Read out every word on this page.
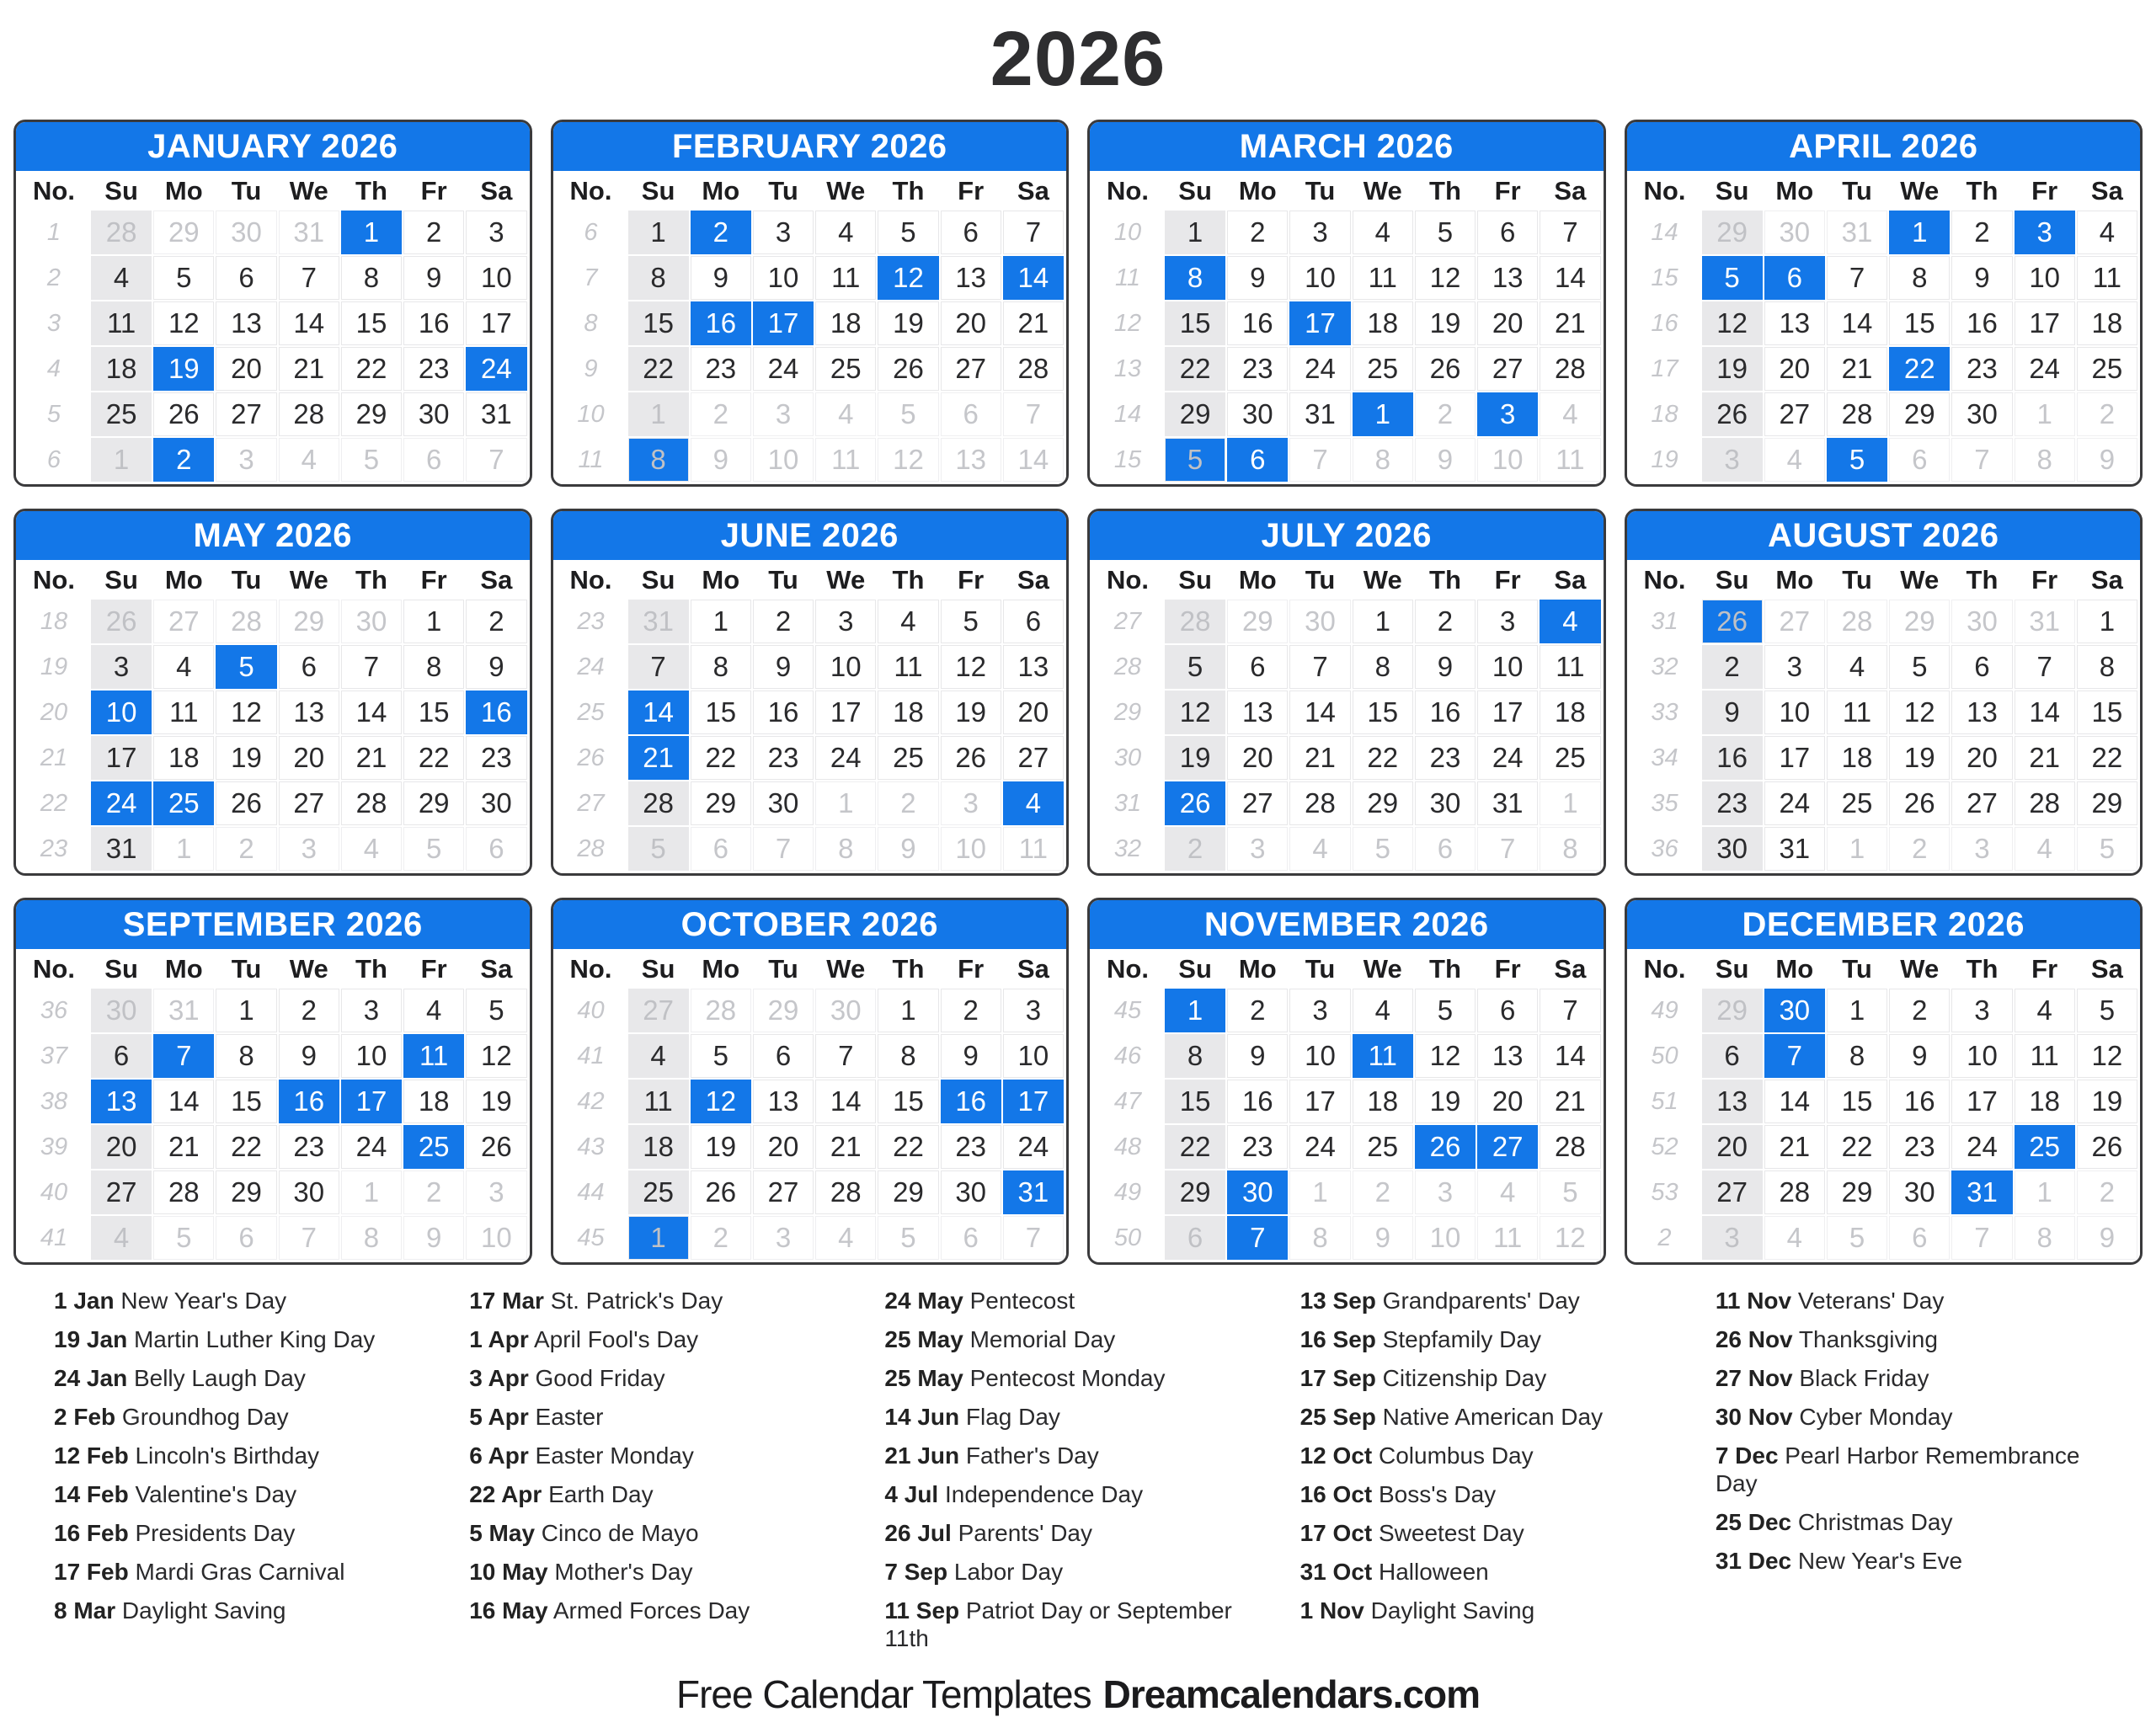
2026
JANUARY 2026
No.	Su	Mo	Tu	We	Th	Fr	Sa
1	28	29	30	31	1	2	3
2	4	5	6	7	8	9	10
3	11	12	13	14	15	16	17
4	18	19	20	21	22	23	24
5	25	26	27	28	29	30	31
6	1	2	3	4	5	6	7
FEBRUARY 2026
No.	Su	Mo	Tu	We	Th	Fr	Sa
6	1	2	3	4	5	6	7
7	8	9	10	11	12	13	14
8	15	16	17	18	19	20	21
9	22	23	24	25	26	27	28
10	1	2	3	4	5	6	7
11	8	9	10	11	12	13	14
MARCH 2026
No.	Su	Mo	Tu	We	Th	Fr	Sa
10	1	2	3	4	5	6	7
11	8	9	10	11	12	13	14
12	15	16	17	18	19	20	21
13	22	23	24	25	26	27	28
14	29	30	31	1	2	3	4
15	5	6	7	8	9	10	11
APRIL 2026
No.	Su	Mo	Tu	We	Th	Fr	Sa
14	29	30	31	1	2	3	4
15	5	6	7	8	9	10	11
16	12	13	14	15	16	17	18
17	19	20	21	22	23	24	25
18	26	27	28	29	30	1	2
19	3	4	5	6	7	8	9
MAY 2026
No.	Su	Mo	Tu	We	Th	Fr	Sa
18	26	27	28	29	30	1	2
19	3	4	5	6	7	8	9
20	10	11	12	13	14	15	16
21	17	18	19	20	21	22	23
22	24	25	26	27	28	29	30
23	31	1	2	3	4	5	6
JUNE 2026
No.	Su	Mo	Tu	We	Th	Fr	Sa
23	31	1	2	3	4	5	6
24	7	8	9	10	11	12	13
25	14	15	16	17	18	19	20
26	21	22	23	24	25	26	27
27	28	29	30	1	2	3	4
28	5	6	7	8	9	10	11
JULY 2026
No.	Su	Mo	Tu	We	Th	Fr	Sa
27	28	29	30	1	2	3	4
28	5	6	7	8	9	10	11
29	12	13	14	15	16	17	18
30	19	20	21	22	23	24	25
31	26	27	28	29	30	31	1
32	2	3	4	5	6	7	8
AUGUST 2026
No.	Su	Mo	Tu	We	Th	Fr	Sa
31	26	27	28	29	30	31	1
32	2	3	4	5	6	7	8
33	9	10	11	12	13	14	15
34	16	17	18	19	20	21	22
35	23	24	25	26	27	28	29
36	30	31	1	2	3	4	5
SEPTEMBER 2026
No.	Su	Mo	Tu	We	Th	Fr	Sa
36	30	31	1	2	3	4	5
37	6	7	8	9	10	11	12
38	13	14	15	16	17	18	19
39	20	21	22	23	24	25	26
40	27	28	29	30	1	2	3
41	4	5	6	7	8	9	10
OCTOBER 2026
No.	Su	Mo	Tu	We	Th	Fr	Sa
40	27	28	29	30	1	2	3
41	4	5	6	7	8	9	10
42	11	12	13	14	15	16	17
43	18	19	20	21	22	23	24
44	25	26	27	28	29	30	31
45	1	2	3	4	5	6	7
NOVEMBER 2026
No.	Su	Mo	Tu	We	Th	Fr	Sa
45	1	2	3	4	5	6	7
46	8	9	10	11	12	13	14
47	15	16	17	18	19	20	21
48	22	23	24	25	26	27	28
49	29	30	1	2	3	4	5
50	6	7	8	9	10	11	12
DECEMBER 2026
No.	Su	Mo	Tu	We	Th	Fr	Sa
49	29	30	1	2	3	4	5
50	6	7	8	9	10	11	12
51	13	14	15	16	17	18	19
52	20	21	22	23	24	25	26
53	27	28	29	30	31	1	2
2	3	4	5	6	7	8	9
1 Jan New Year's Day
19 Jan Martin Luther King Day
24 Jan Belly Laugh Day
2 Feb Groundhog Day
12 Feb Lincoln's Birthday
14 Feb Valentine's Day
16 Feb Presidents Day
17 Feb Mardi Gras Carnival
8 Mar Daylight Saving
17 Mar St. Patrick's Day
1 Apr April Fool's Day
3 Apr Good Friday
5 Apr Easter
6 Apr Easter Monday
22 Apr Earth Day
5 May Cinco de Mayo
10 May Mother's Day
16 May Armed Forces Day
24 May Pentecost
25 May Memorial Day
25 May Pentecost Monday
14 Jun Flag Day
21 Jun Father's Day
4 Jul Independence Day
26 Jul Parents' Day
7 Sep Labor Day
11 Sep Patriot Day or September 11th
13 Sep Grandparents' Day
16 Sep Stepfamily Day
17 Sep Citizenship Day
25 Sep Native American Day
12 Oct Columbus Day
16 Oct Boss's Day
17 Oct Sweetest Day
31 Oct Halloween
1 Nov Daylight Saving
11 Nov Veterans' Day
26 Nov Thanksgiving
27 Nov Black Friday
30 Nov Cyber Monday
7 Dec Pearl Harbor Remembrance Day
25 Dec Christmas Day
31 Dec New Year's Eve
Free Calendar Templates Dreamcalendars.com
